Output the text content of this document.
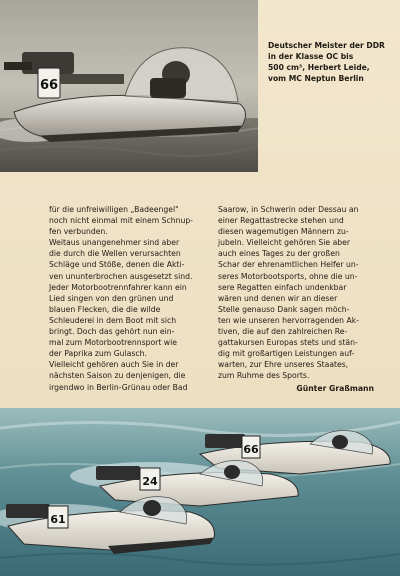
66
Deutscher Meister der DDR
in der Klasse OC bis
500 cm³, Herbert Leide,
vom MC Neptun Berlin

für die unfreiwilligen „Badeengel"

noch nicht einmal mit einem Schnup-

fen verbunden.

Weitaus unangenehmer sind aber

die durch die Wellen verursachten

Schläge und Stöße, denen die Akti-

ven ununterbrochen ausgesetzt sind.

Jeder Motorbootrennfahrer kann ein

Lied singen von den grünen und

blauen Flecken, die die wilde

Schleuderei in dem Boot mit sich

bringt. Doch das gehört nun ein-

mal zum Motorbootrennsport wie

der Paprika zum Gulasch.

Vielleicht gehören auch Sie in der

nächsten Saison zu denjenigen, die

irgendwo in Berlin-Grünau oder Bad

Saarow, in Schwerin oder Dessau an

einer Regattastrecke stehen und

diesen wagemutigen Männern zu-

jubeln. Vielleicht gehören Sie aber

auch eines Tages zu der großen

Schar der ehrenamtlichen Helfer un-

seres Motorbootsports, ohne die un-

sere Regatten einfach undenkbar

wären und denen wir an dieser

Stelle genauso Dank sagen möch-

ten wie unseren hervorragenden Ak-

tiven, die auf den zahlreichen Re-

gattakursen Europas stets und stän-

dig mit großartigen Leistungen auf-

warten, zur Ehre unseres Staates,

zum Ruhme des Sports.

Günter Graßmann
66
24
61
